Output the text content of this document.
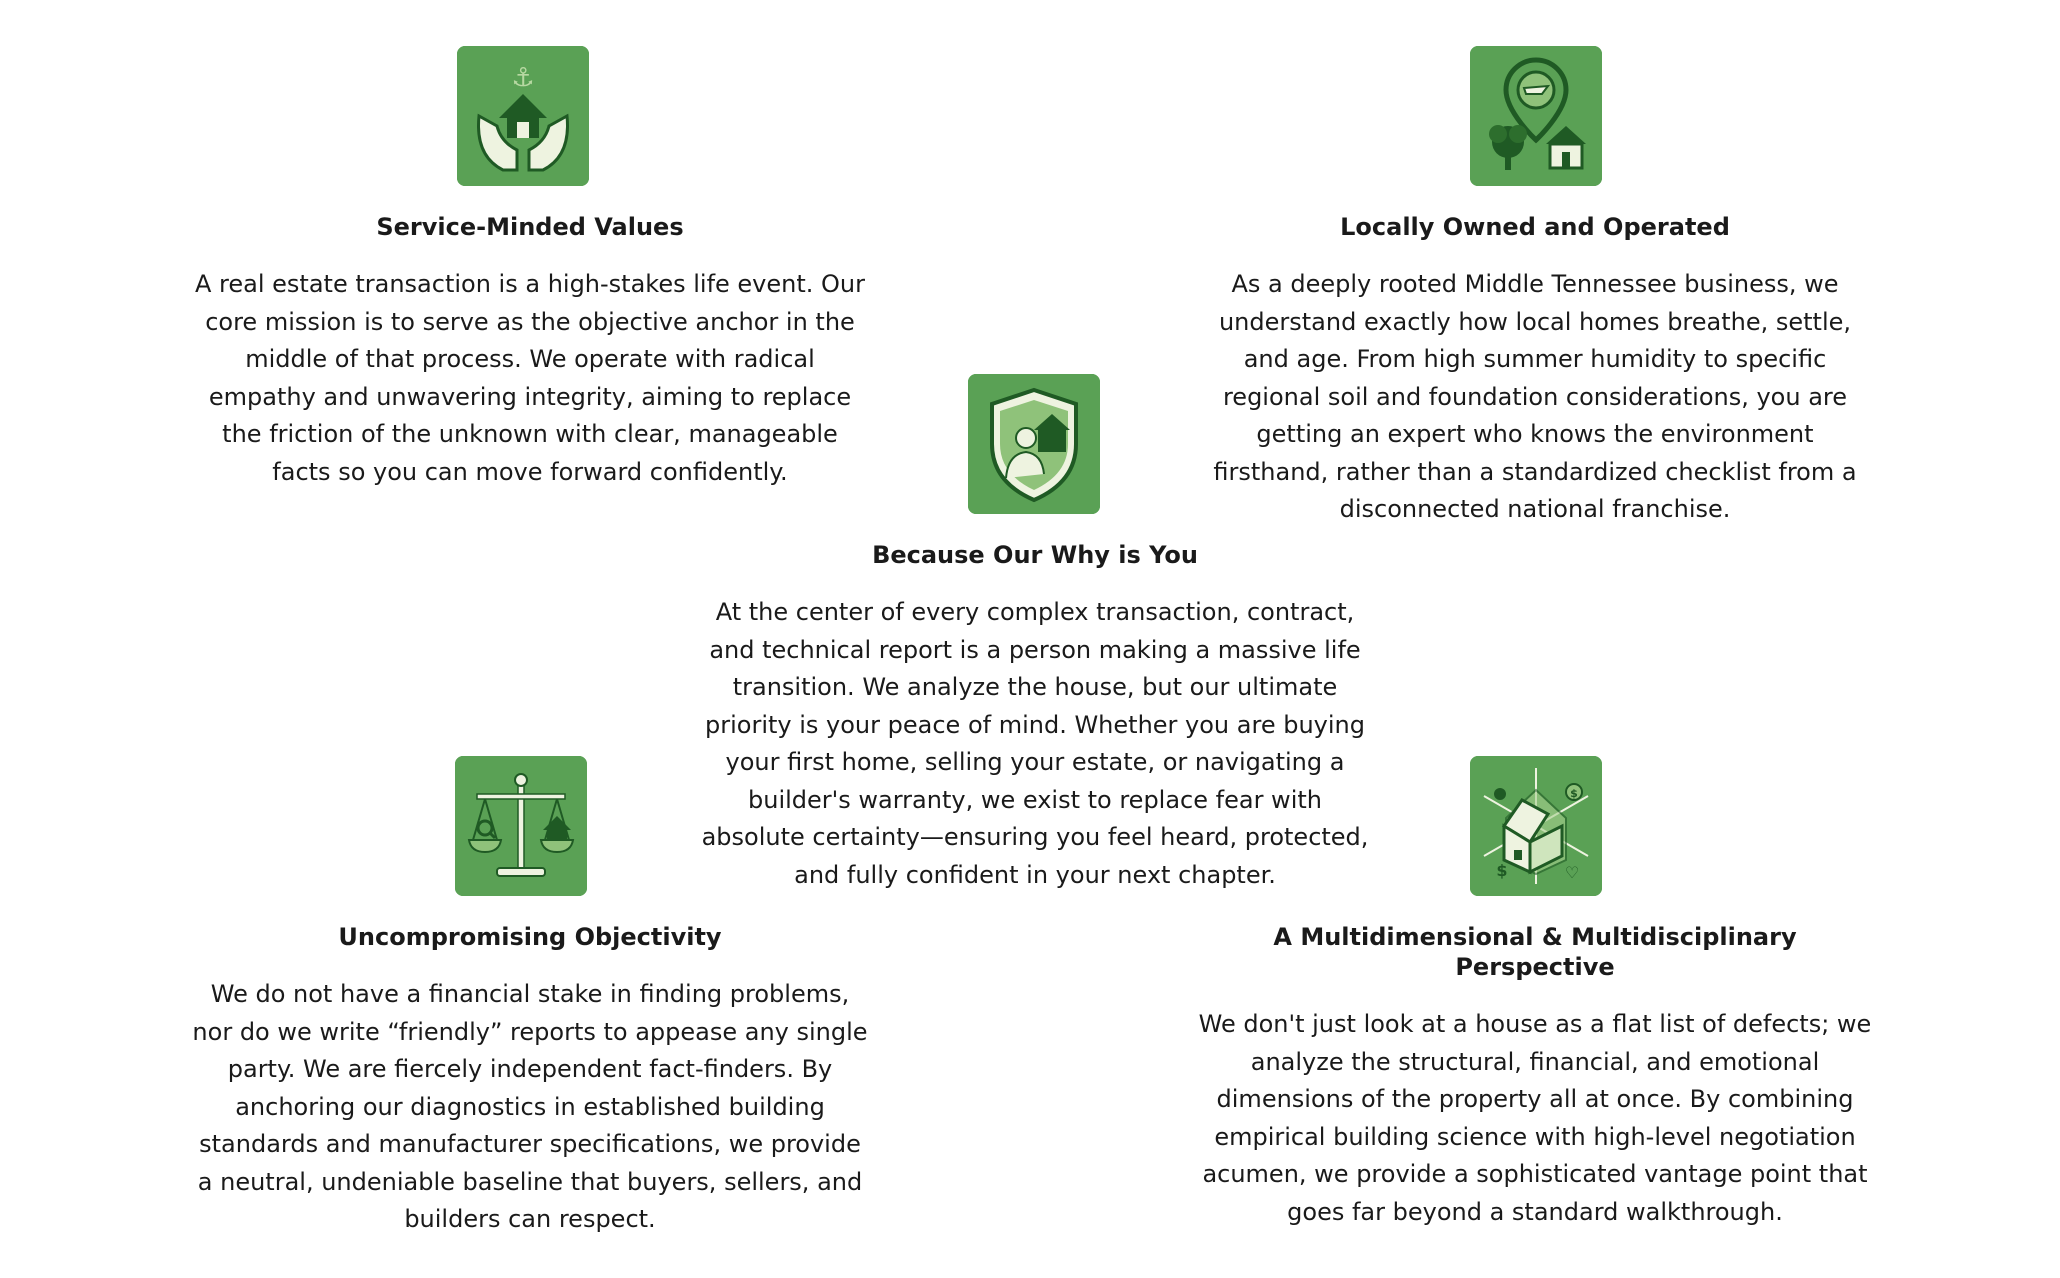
⚓
Service-Minded Values
A real estate transaction is a high-stakes life event. Our core mission is to serve as the objective anchor in the middle of that process. We operate with radical empathy and unwavering integrity, aiming to replace the friction of the unknown with clear, manageable facts so you can move forward confidently.
Locally Owned and Operated
As a deeply rooted Middle Tennessee business, we understand exactly how local homes breathe, settle, and age. From high summer humidity to specific regional soil and foundation considerations, you are getting an expert who knows the environment firsthand, rather than a standardized checklist from a disconnected national franchise.
Because Our Why is You
At the center of every complex transaction, contract, and technical report is a person making a massive life transition. We analyze the house, but our ultimate priority is your peace of mind. Whether you are buying your first home, selling your estate, or navigating a builder's warranty, we exist to replace fear with absolute certainty—ensuring you feel heard, protected, and fully confident in your next chapter.
Uncompromising Objectivity
We do not have a financial stake in finding problems, nor do we write “friendly” reports to appease any single party. We are fiercely independent fact-finders. By anchoring our diagnostics in established building standards and manufacturer specifications, we provide a neutral, undeniable baseline that buyers, sellers, and builders can respect.
$
$	♡
A Multidimensional & Multidisciplinary Perspective
We don't just look at a house as a flat list of defects; we analyze the structural, financial, and emotional dimensions of the property all at once. By combining empirical building science with high-level negotiation acumen, we provide a sophisticated vantage point that goes far beyond a standard walkthrough.
